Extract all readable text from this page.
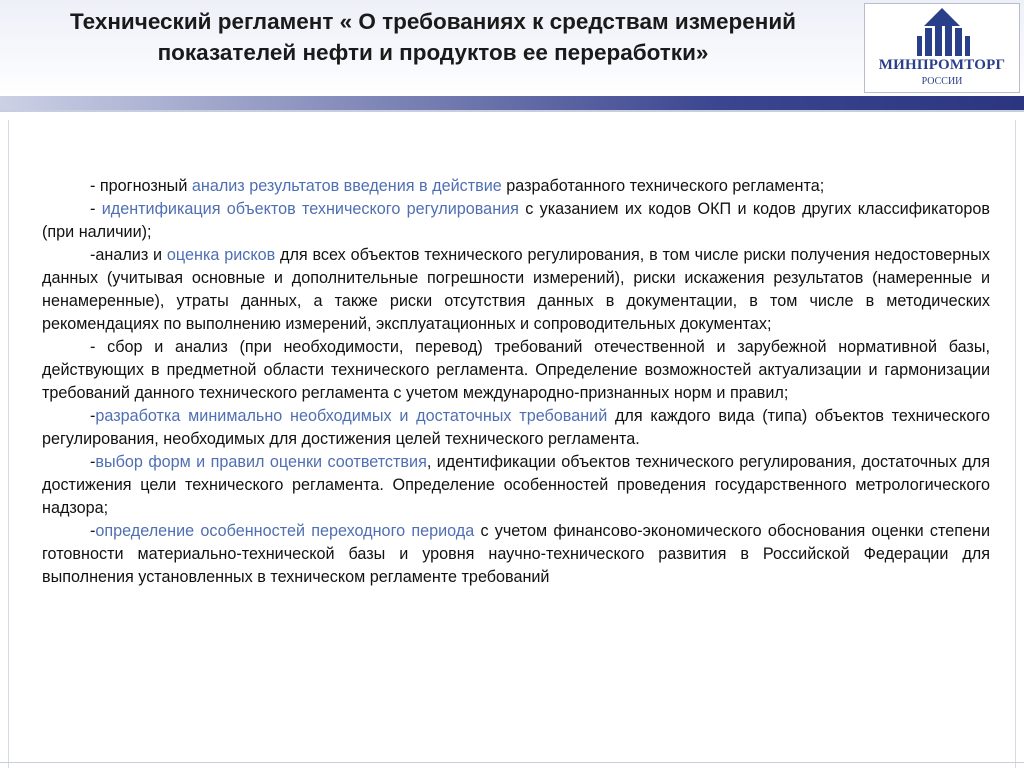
Технический регламент « О требованиях к средствам измерений показателей нефти и продуктов ее переработки»	МИНПРОМТОРГ
РОССИИ

- прогнозный анализ результатов введения в действие разработанного технического регламента;

- идентификация объектов технического регулирования с указанием их кодов ОКП и кодов других классификаторов (при наличии);

-анализ и оценка рисков для всех объектов технического регулирования, в том числе риски получения недостоверных данных (учитывая основные и дополнительные погрешности измерений), риски искажения результатов (намеренные и ненамеренные), утраты данных, а также риски отсутствия данных в документации, в том числе в методических рекомендациях по выполнению измерений, эксплуатационных и сопроводительных документах;

- сбор и анализ (при необходимости, перевод) требований отечественной и зарубежной нормативной базы, действующих в предметной области технического регламента. Определение возможностей актуализации и гармонизации требований данного технического регламента с учетом международно-признанных норм и правил;

-разработка минимально необходимых и достаточных требований для каждого вида (типа) объектов технического регулирования, необходимых для достижения целей технического регламента.

-выбор форм и правил оценки соответствия, идентификации объектов технического регулирования, достаточных для достижения цели технического регламента. Определение особенностей проведения государственного метрологического надзора;

-определение особенностей переходного периода с учетом финансово-экономического обоснования оценки степени готовности материально-технической базы и уровня научно-технического развития в Российской Федерации для выполнения установленных в техническом регламенте требований
